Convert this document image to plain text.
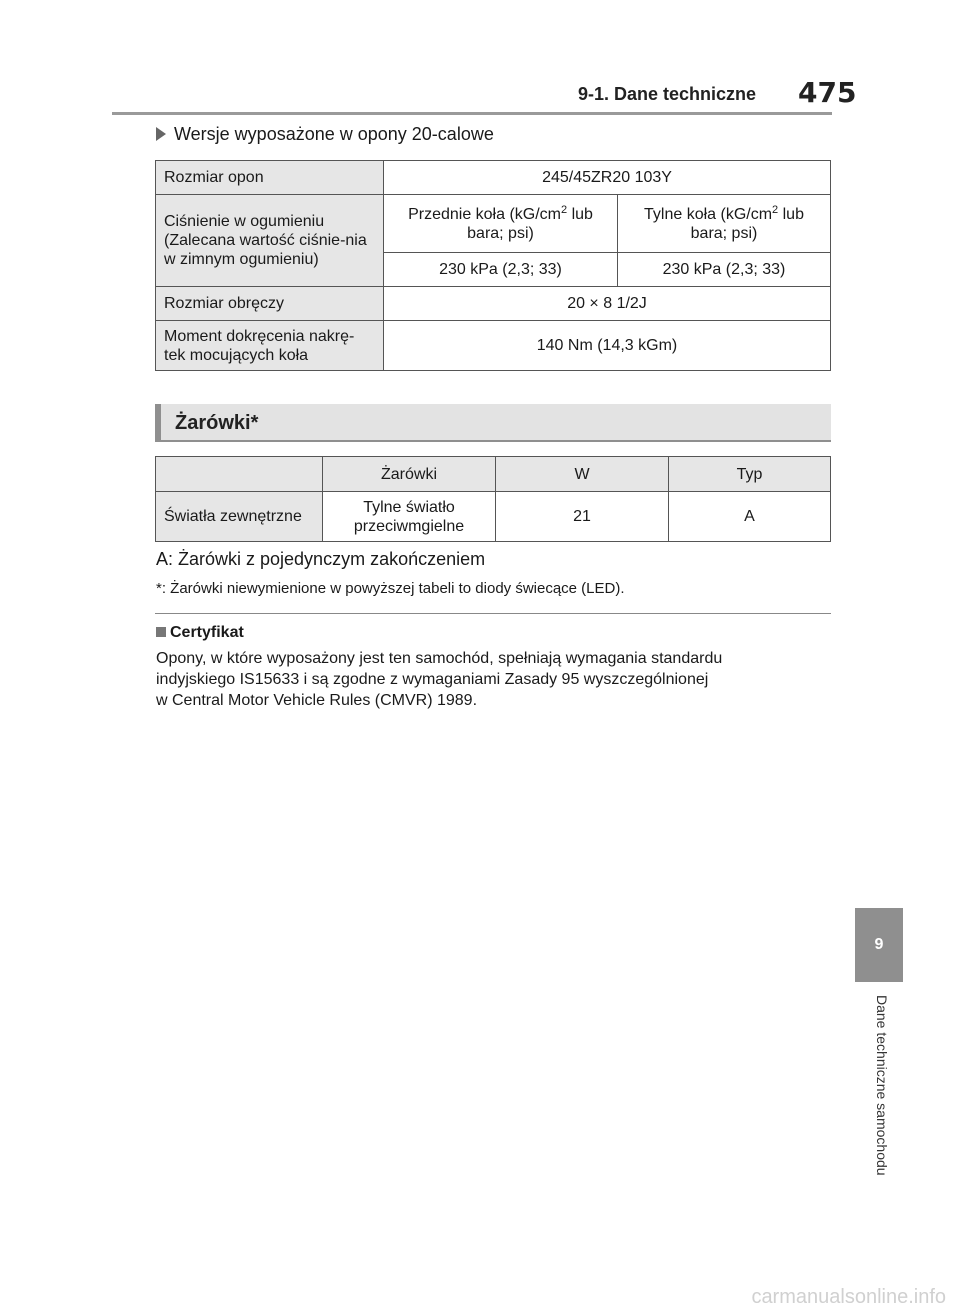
9-1. Dane techniczne 475
Wersje wyposażone w opony 20-calowe
Rozmiar opon	245/45ZR20 103Y	
Ciśnienie w ogumieniu (Zalecana wartość ciśnie-nia w zimnym ogumieniu)	Przednie koła ($kG/cm^2$ lub bara; psi)	Tylne koła ($kG/cm^2$ lub bara; psi)
	230 kPa (2,3; 33)	230 kPa (2,3; 33)
Rozmiar obręczy	20 × 8 1/2J	
Moment dokręcenia nakrę-tek mocujących koła	140 Nm (14,3 kGm)	
Żarówki*
	Żarówki	W	Typ
Światła zewnętrzne	Tylne światło przeciwmgielne	21	A
A: Żarówki z pojedynczym zakończeniem
*: Żarówki niewymienione w powyższej tabeli to diody świecące (LED).
Certyfikat
Opony, w które wyposażony jest ten samochód, spełniają wymagania standardu
indyjskiego IS15633 i są zgodne z wymaganiami Zasady 95 wyszczególnionej
w Central Motor Vehicle Rules (CMVR) 1989.
9
Dane techniczne samochodu
carmanualsonline.info
